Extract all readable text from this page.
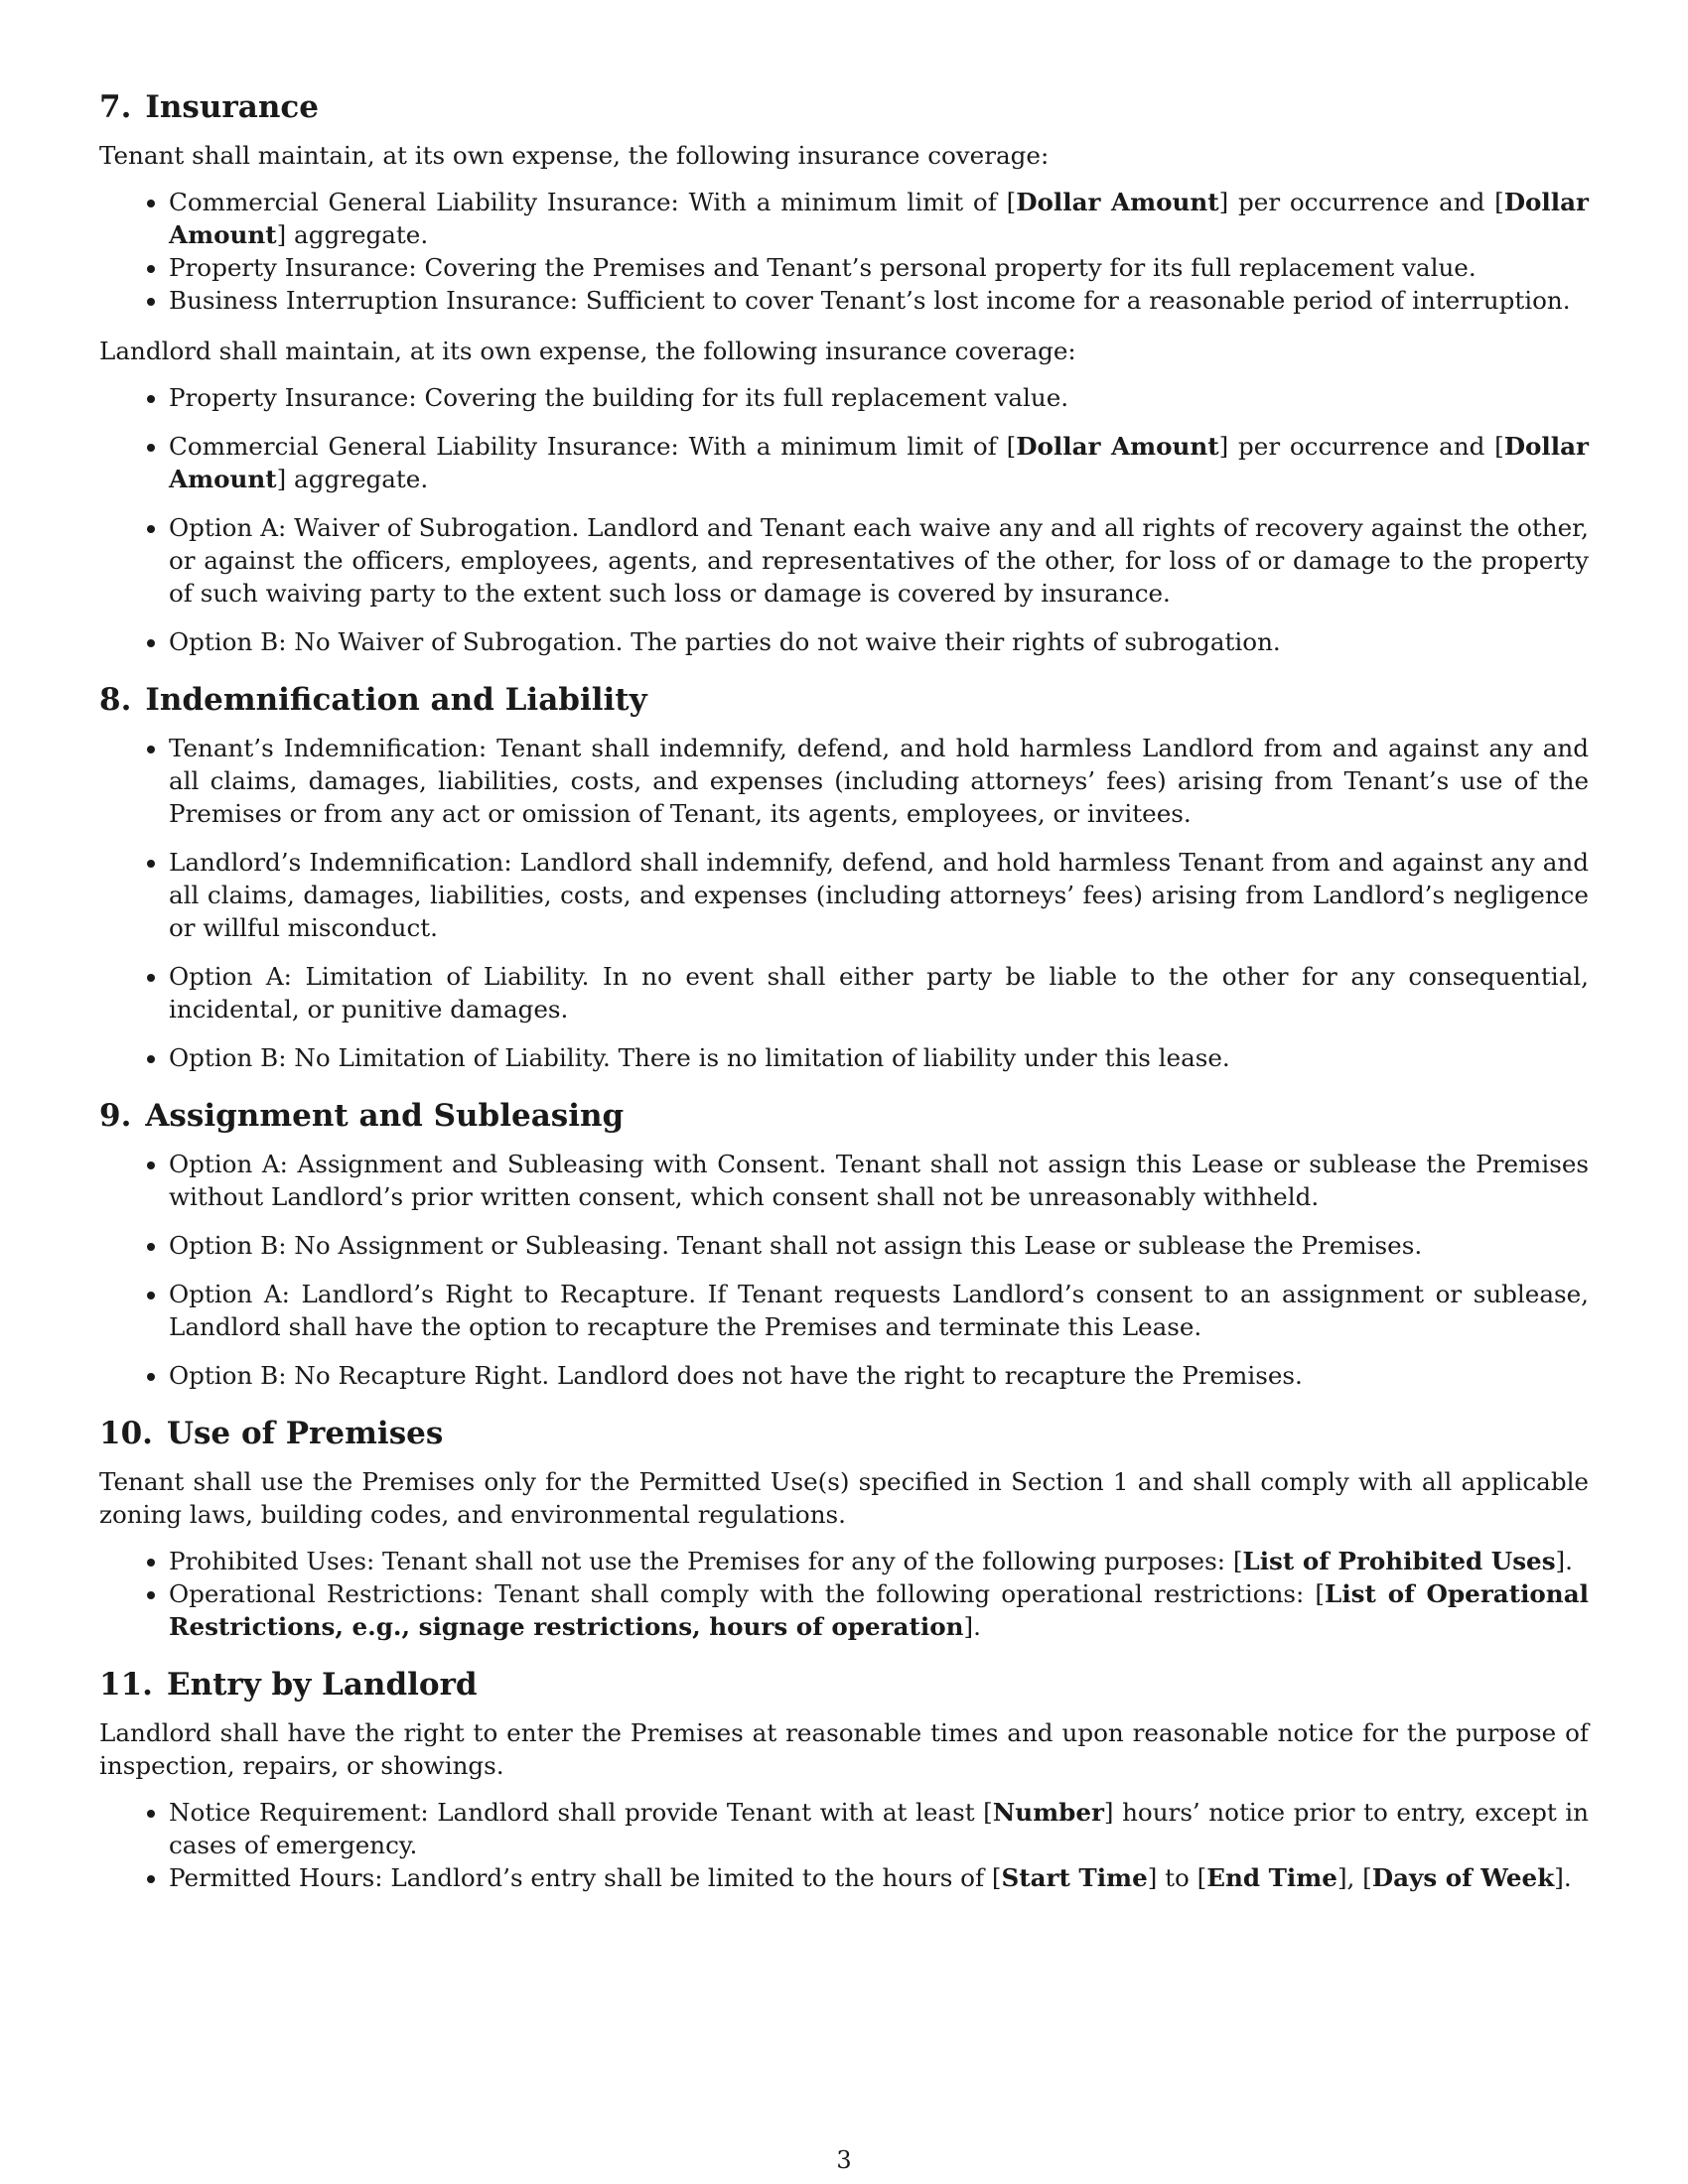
7. Insurance

Tenant shall maintain, at its own expense, the following insurance coverage:

• Commercial General Liability Insurance: With a minimum limit of [Dollar Amount] per occurrence and [Dollar Amount] aggregate.
• Property Insurance: Covering the Premises and Tenant’s personal property for its full replacement value.
• Business Interruption Insurance: Sufficient to cover Tenant’s lost income for a reasonable period of interruption.

Landlord shall maintain, at its own expense, the following insurance coverage:

• Property Insurance: Covering the building for its full replacement value.
• Commercial General Liability Insurance: With a minimum limit of [Dollar Amount] per occurrence and [Dollar Amount] aggregate.
• Option A: Waiver of Subrogation. Landlord and Tenant each waive any and all rights of recovery against the other, or against the officers, employees, agents, and representatives of the other, for loss of or damage to the property of such waiving party to the extent such loss or damage is covered by insurance.
• Option B: No Waiver of Subrogation. The parties do not waive their rights of subrogation.
8. Indemnification and Liability
• Tenant’s Indemnification: Tenant shall indemnify, defend, and hold harmless Landlord from and against any and all claims, damages, liabilities, costs, and expenses (including attorneys’ fees) arising from Tenant’s use of the Premises or from any act or omission of Tenant, its agents, employees, or invitees.
• Landlord’s Indemnification: Landlord shall indemnify, defend, and hold harmless Tenant from and against any and all claims, damages, liabilities, costs, and expenses (including attorneys’ fees) arising from Landlord’s negligence or willful misconduct.
• Option A: Limitation of Liability. In no event shall either party be liable to the other for any consequential, incidental, or punitive damages.
• Option B: No Limitation of Liability. There is no limitation of liability under this lease.
9. Assignment and Subleasing
• Option A: Assignment and Subleasing with Consent. Tenant shall not assign this Lease or sublease the Premises without Landlord’s prior written consent, which consent shall not be unreasonably withheld.
• Option B: No Assignment or Subleasing. Tenant shall not assign this Lease or sublease the Premises.
• Option A: Landlord’s Right to Recapture. If Tenant requests Landlord’s consent to an assignment or sublease, Landlord shall have the option to recapture the Premises and terminate this Lease.
• Option B: No Recapture Right. Landlord does not have the right to recapture the Premises.
10. Use of Premises

Tenant shall use the Premises only for the Permitted Use(s) specified in Section 1 and shall comply with all applicable zoning laws, building codes, and environmental regulations.

• Prohibited Uses: Tenant shall not use the Premises for any of the following purposes: [List of Prohibited Uses].
• Operational Restrictions: Tenant shall comply with the following operational restrictions: [List of Operational Restrictions, e.g., signage restrictions, hours of operation].
11. Entry by Landlord

Landlord shall have the right to enter the Premises at reasonable times and upon reasonable notice for the purpose of inspection, repairs, or showings.

• Notice Requirement: Landlord shall provide Tenant with at least [Number] hours’ notice prior to entry, except in cases of emergency.
• Permitted Hours: Landlord’s entry shall be limited to the hours of [Start Time] to [End Time], [Days of Week].
3
